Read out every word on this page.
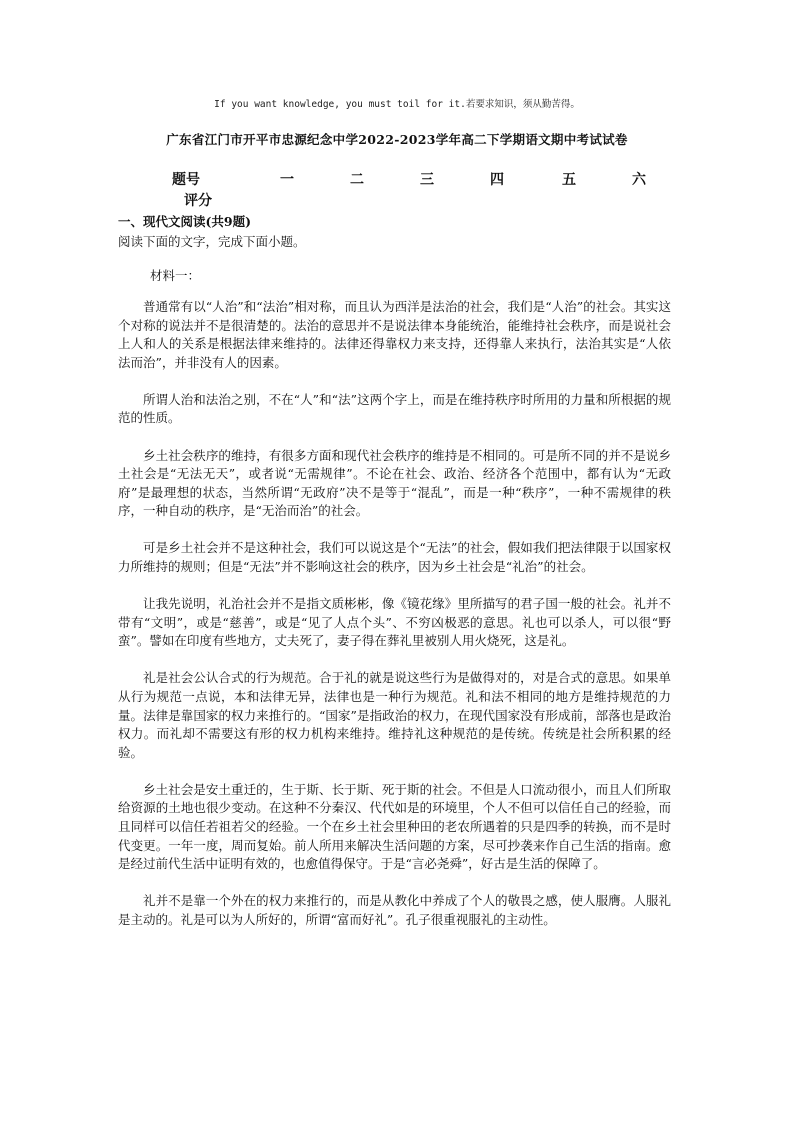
If you want knowledge, you must toil for it.若要求知识，须从勤苦得。
广东省江门市开平市忠源纪念中学2022-2023学年高二下学期语文期中考试试卷
题号	一	二	三	四	五	六
评分
一、现代文阅读(共9题)
阅读下面的文字，完成下面小题。
材料一：

普通常有以“人治”和“法治”相对称，而且认为西洋是法治的社会，我们是“人治”的社会。其实这个对称的说法并不是很清楚的。法治的意思并不是说法律本身能统治，能维持社会秩序，而是说社会上人和人的关系是根据法律来维持的。法律还得靠权力来支持，还得靠人来执行，法治其实是“人依法而治”，并非没有人的因素。

所谓人治和法治之别，不在“人”和“法”这两个字上，而是在维持秩序时所用的力量和所根据的规范的性质。

乡土社会秩序的维持，有很多方面和现代社会秩序的维持是不相同的。可是所不同的并不是说乡土社会是“无法无天”，或者说“无需规律”。不论在社会、政治、经济各个范围中，都有认为“无政府”是最理想的状态，当然所谓“无政府”决不是等于“混乱”，而是一种“秩序”，一种不需规律的秩序，一种自动的秩序，是“无治而治”的社会。

可是乡土社会并不是这种社会，我们可以说这是个“无法”的社会，假如我们把法律限于以国家权力所维持的规则；但是“无法”并不影响这社会的秩序，因为乡土社会是“礼治”的社会。

让我先说明，礼治社会并不是指文质彬彬，像《镜花缘》里所描写的君子国一般的社会。礼并不带有“文明”，或是“慈善”，或是“见了人点个头”、不穷凶极恶的意思。礼也可以杀人，可以很“野蛮”。譬如在印度有些地方，丈夫死了，妻子得在葬礼里被别人用火烧死，这是礼。

礼是社会公认合式的行为规范。合于礼的就是说这些行为是做得对的，对是合式的意思。如果单从行为规范一点说，本和法律无异，法律也是一种行为规范。礼和法不相同的地方是维持规范的力量。法律是靠国家的权力来推行的。“国家”是指政治的权力，在现代国家没有形成前，部落也是政治权力。而礼却不需要这有形的权力机构来维持。维持礼这种规范的是传统。传统是社会所积累的经验。

乡土社会是安土重迁的，生于斯、长于斯、死于斯的社会。不但是人口流动很小，而且人们所取给资源的土地也很少变动。在这种不分秦汉、代代如是的环境里，个人不但可以信任自己的经验，而且同样可以信任若祖若父的经验。一个在乡土社会里种田的老农所遇着的只是四季的转换，而不是时代变更。一年一度，周而复始。前人所用来解决生活问题的方案，尽可抄袭来作自己生活的指南。愈是经过前代生活中证明有效的，也愈值得保守。于是“言必尧舜”，好古是生活的保障了。

礼并不是靠一个外在的权力来推行的，而是从教化中养成了个人的敬畏之感，使人服膺。人服礼是主动的。礼是可以为人所好的，所谓“富而好礼”。孔子很重视服礼的主动性。
